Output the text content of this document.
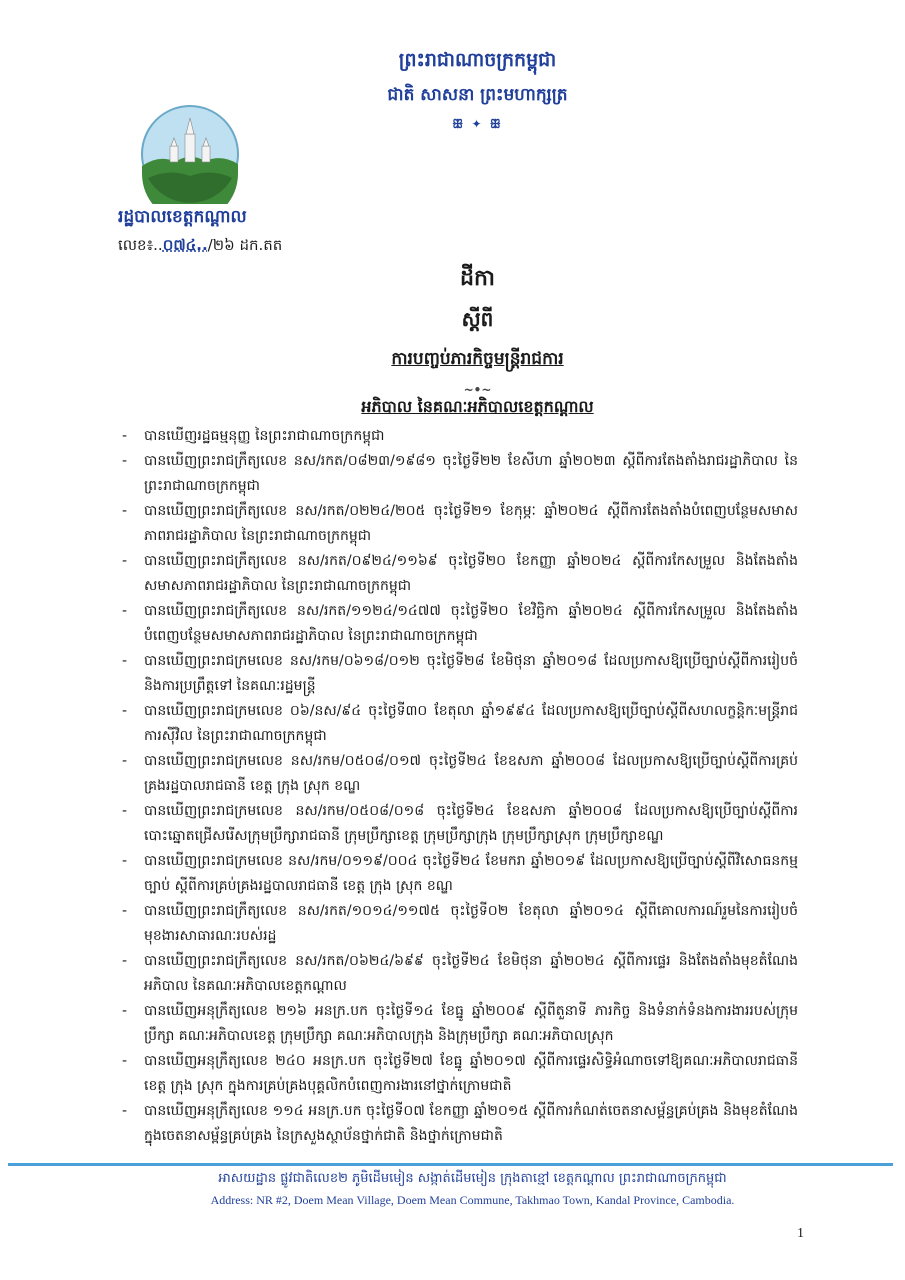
ព្រះរាជាណាចក្រកម្ពុជា
ជាតិ សាសនា ព្រះមហាក្សត្រ
ꕥ ✦ ꕥ
រដ្ឋបាលខេត្តកណ្តាល
លេខ៖..០៧៤../២៦ ដក.តត
ដីកា
ស្តីពី
ការបញ្ចប់ភារកិច្ចមន្ត្រីរាជការ
~•~
អភិបាល នៃគណៈអភិបាលខេត្តកណ្តាល
- បានឃើញរដ្ឋធម្មនុញ្ញ នៃព្រះរាជាណាចក្រកម្ពុជា
- បានឃើញព្រះរាជក្រឹត្យលេខ នស/រកត/០៨២៣/១៩៨១ ចុះថ្ងៃទី២២ ខែសីហា ឆ្នាំ២០២៣ ស្តីពីការតែងតាំងរាជរដ្ឋាភិបាល នៃព្រះរាជាណាចក្រកម្ពុជា
- បានឃើញព្រះរាជក្រឹត្យលេខ នស/រកត/០២២៤/២០៥ ចុះថ្ងៃទី២១ ខែកុម្ភៈ ឆ្នាំ២០២៤ ស្តីពីការតែងតាំងបំពេញបន្ថែមសមាសភាពរាជរដ្ឋាភិបាល នៃព្រះរាជាណាចក្រកម្ពុជា
- បានឃើញព្រះរាជក្រឹត្យលេខ នស/រកត/០៩២៤/១១៦៩ ចុះថ្ងៃទី២០ ខែកញ្ញា ឆ្នាំ២០២៤ ស្តីពីការកែសម្រួល និងតែងតាំងសមាសភាពរាជរដ្ឋាភិបាល នៃព្រះរាជាណាចក្រកម្ពុជា
- បានឃើញព្រះរាជក្រឹត្យលេខ នស/រកត/១១២៤/១៤៧៧ ចុះថ្ងៃទី២០ ខែវិច្ឆិកា ឆ្នាំ២០២៤ ស្តីពីការកែសម្រួល និងតែងតាំងបំពេញបន្ថែមសមាសភាពរាជរដ្ឋាភិបាល នៃព្រះរាជាណាចក្រកម្ពុជា
- បានឃើញព្រះរាជក្រមលេខ នស/រកម/០៦១៨/០១២ ចុះថ្ងៃទី២៨ ខែមិថុនា ឆ្នាំ២០១៨ ដែលប្រកាសឱ្យប្រើច្បាប់ស្តីពីការរៀបចំ និងការប្រព្រឹត្តទៅ នៃគណៈរដ្ឋមន្ត្រី
- បានឃើញព្រះរាជក្រមលេខ ០៦/នស/៩៤ ចុះថ្ងៃទី៣០ ខែតុលា ឆ្នាំ១៩៩៤ ដែលប្រកាសឱ្យប្រើច្បាប់ស្តីពីសហលក្ខន្តិកៈមន្ត្រីរាជការស៊ីវិល នៃព្រះរាជាណាចក្រកម្ពុជា
- បានឃើញព្រះរាជក្រមលេខ នស/រកម/០៥០៨/០១៧ ចុះថ្ងៃទី២៤ ខែឧសភា ឆ្នាំ២០០៨ ដែលប្រកាសឱ្យប្រើច្បាប់ស្តីពីការគ្រប់គ្រងរដ្ឋបាលរាជធានី ខេត្ត ក្រុង ស្រុក ខណ្ឌ
- បានឃើញព្រះរាជក្រមលេខ នស/រកម/០៥០៨/០១៨ ចុះថ្ងៃទី២៤ ខែឧសភា ឆ្នាំ២០០៨ ដែលប្រកាសឱ្យប្រើច្បាប់ស្តីពីការបោះឆ្នោតជ្រើសរើសក្រុមប្រឹក្សារាជធានី ក្រុមប្រឹក្សាខេត្ត ក្រុមប្រឹក្សាក្រុង ក្រុមប្រឹក្សាស្រុក ក្រុមប្រឹក្សាខណ្ឌ
- បានឃើញព្រះរាជក្រមលេខ នស/រកម/០១១៩/០០៤ ចុះថ្ងៃទី២៤ ខែមករា ឆ្នាំ២០១៩ ដែលប្រកាសឱ្យប្រើច្បាប់ស្តីពីវិសោធនកម្មច្បាប់ ស្តីពីការគ្រប់គ្រងរដ្ឋបាលរាជធានី ខេត្ត ក្រុង ស្រុក ខណ្ឌ
- បានឃើញព្រះរាជក្រឹត្យលេខ នស/រកត/១០១៤/១១៧៥ ចុះថ្ងៃទី០២ ខែតុលា ឆ្នាំ២០១៤ ស្តីពីគោលការណ៍រួមនៃការរៀបចំមុខងារសាធារណៈរបស់រដ្ឋ
- បានឃើញព្រះរាជក្រឹត្យលេខ នស/រកត/០៦២៤/៦៩៩ ចុះថ្ងៃទី២៤ ខែមិថុនា ឆ្នាំ២០២៤ ស្តីពីការផ្ទេរ និងតែងតាំងមុខតំណែងអភិបាល នៃគណៈអភិបាលខេត្តកណ្តាល
- បានឃើញអនុក្រឹត្យលេខ ២១៦ អនក្រ.បក ចុះថ្ងៃទី១៤ ខែធ្នូ ឆ្នាំ២០០៩ ស្តីពីតួនាទី ភារកិច្ច និងទំនាក់ទំនងការងាររបស់ក្រុមប្រឹក្សា គណៈអភិបាលខេត្ត ក្រុមប្រឹក្សា គណៈអភិបាលក្រុង និងក្រុមប្រឹក្សា គណៈអភិបាលស្រុក
- បានឃើញអនុក្រឹត្យលេខ ២៤០ អនក្រ.បក ចុះថ្ងៃទី២៧ ខែធ្នូ ឆ្នាំ២០១៧ ស្តីពីការផ្ទេរសិទ្ធិអំណាចទៅឱ្យគណៈអភិបាលរាជធានី ខេត្ត ក្រុង ស្រុក ក្នុងការគ្រប់គ្រងបុគ្គលិកបំពេញការងារនៅថ្នាក់ក្រោមជាតិ
- បានឃើញអនុក្រឹត្យលេខ ១១៤ អនក្រ.បក ចុះថ្ងៃទី០៧ ខែកញ្ញា ឆ្នាំ២០១៥ ស្តីពីការកំណត់ចេតនាសម្ព័ន្ធគ្រប់គ្រង និងមុខតំណែងក្នុងចេតនាសម្ព័ន្ធគ្រប់គ្រង នៃក្រសួងស្ថាប័នថ្នាក់ជាតិ និងថ្នាក់ក្រោមជាតិ
អាសយដ្ឋាន ផ្លូវជាតិលេខ២ ភូមិដើមមៀន សង្កាត់ដើមមៀន ក្រុងតាខ្មៅ ខេត្តកណ្តាល ព្រះរាជាណាចក្រកម្ពុជា
Address: NR #2, Doem Mean Village, Doem Mean Commune, Takhmao Town, Kandal Province, Cambodia.
1
